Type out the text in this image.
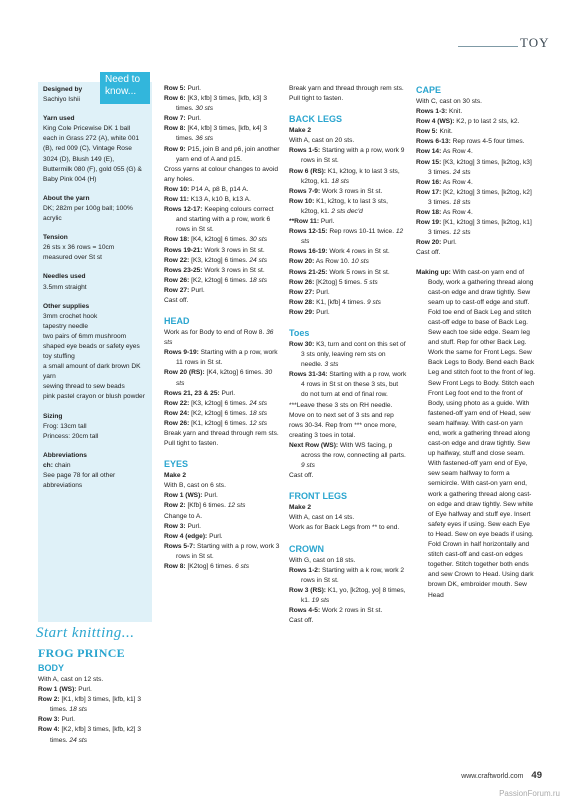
TOY
Need to know...
Designed by
Sachiyo Ishii
Yarn used
King Cole Pricewise DK 1 ball each in Grass 272 (A), white 001 (B), red 009 (C), Vintage Rose 3024 (D), Blush 149 (E), Buttermilk 080 (F), gold 055 (G) & Baby Pink 004 (H)
About the yarn
DK; 282m per 100g ball; 100% acrylic
Tension
26 sts x 36 rows = 10cm measured over St st
Needles used
3.5mm straight
Other supplies
3mm crochet hook
tapestry needle
two pairs of 6mm mushroom shaped eye beads or safety eyes
toy stuffing
a small amount of dark brown DK yarn
sewing thread to sew beads
pink pastel crayon or blush powder
Sizing
Frog: 13cm tall
Princess: 20cm tall
Abbreviations
ch: chain
See page 78 for all other abbreviations
Start knitting...
FROG PRINCE
BODY
With A, cast on 12 sts.
Row 1 (WS): Purl.
Row 2: [K1, kfb] 3 times, [kfb, k1] 3 times. 18 sts
Row 3: Purl.
Row 4: [K2, kfb] 3 times, [kfb, k2] 3 times. 24 sts
Row 5: Purl.
Row 6: [K3, kfb] 3 times, [kfb, k3] 3 times. 30 sts
Row 7: Purl.
Row 8: [K4, kfb] 3 times, [kfb, k4] 3 times. 36 sts
Row 9: P15, join B and p6, join another yarn end of A and p15.
Cross yarns at colour changes to avoid any holes.
Row 10: P14 A, p8 B, p14 A.
Row 11: K13 A, k10 B, k13 A.
Rows 12-17: Keeping colours correct and starting with a p row, work 6 rows in St st.
Row 18: [K4, k2tog] 6 times. 30 sts
Rows 19-21: Work 3 rows in St st.
Row 22: [K3, k2tog] 6 times. 24 sts
Rows 23-25: Work 3 rows in St st.
Row 26: [K2, k2tog] 6 times. 18 sts
Row 27: Purl.
Cast off.
HEAD
Work as for Body to end of Row 8. 36 sts
Rows 9-19: Starting with a p row, work 11 rows in St st.
Row 20 (RS): [K4, k2tog] 6 times. 30 sts
Rows 21, 23 & 25: Purl.
Row 22: [K3, k2tog] 6 times. 24 sts
Row 24: [K2, k2tog] 6 times. 18 sts
Row 26: [K1, k2tog] 6 times. 12 sts
Break yarn and thread through rem sts. Pull tight to fasten.
EYES
Make 2
With B, cast on 6 sts.
Row 1 (WS): Purl.
Row 2: [Kfb] 6 times. 12 sts
Change to A.
Row 3: Purl.
Row 4 (edge): Purl.
Rows 5-7: Starting with a p row, work 3 rows in St st.
Row 8: [K2tog] 6 times. 6 sts
Break yarn and thread through rem sts. Pull tight to fasten.
BACK LEGS
Make 2
With A, cast on 20 sts.
Rows 1-5: Starting with a p row, work 9 rows in St st.
Row 6 (RS): K1, k2tog, k to last 3 sts, k2tog, k1. 18 sts
Rows 7-9: Work 3 rows in St st.
Row 10: K1, k2tog, k to last 3 sts, k2tog, k1. 2 sts dec'd
**Row 11: Purl.
Rows 12-15: Rep rows 10-11 twice. 12 sts
Rows 16-19: Work 4 rows in St st.
Row 20: As Row 10. 10 sts
Rows 21-25: Work 5 rows in St st.
Row 26: [K2tog] 5 times. 5 sts
Row 27: Purl.
Row 28: K1, [kfb] 4 times. 9 sts
Row 29: Purl.
Toes
Row 30: K3, turn and cont on this set of 3 sts only, leaving rem sts on needle. 3 sts
Rows 31-34: Starting with a p row, work 4 rows in St st on these 3 sts, but do not turn at end of final row.
***Leave these 3 sts on RH needle. Move on to next set of 3 sts and rep rows 30-34. Rep from *** once more, creating 3 toes in total.
Next Row (WS): With WS facing, p across the row, connecting all parts. 9 sts
Cast off.
FRONT LEGS
Make 2
With A, cast on 14 sts.
Work as for Back Legs from ** to end.
CROWN
With G, cast on 18 sts.
Rows 1-2: Starting with a k row, work 2 rows in St st.
Row 3 (RS): K1, yo, [k2tog, yo] 8 times, k1. 19 sts
Rows 4-5: Work 2 rows in St st.
Cast off.
CAPE
With C, cast on 30 sts.
Rows 1-3: Knit.
Row 4 (WS): K2, p to last 2 sts, k2.
Row 5: Knit.
Rows 6-13: Rep rows 4-5 four times.
Row 14: As Row 4.
Row 15: [K3, k2tog] 3 times, [k2tog, k3] 3 times. 24 sts
Row 16: As Row 4.
Row 17: [K2, k2tog] 3 times, [k2tog, k2] 3 times. 18 sts
Row 18: As Row 4.
Row 19: [K1, k2tog] 3 times, [k2tog, k1] 3 times. 12 sts
Row 20: Purl.
Cast off.
Making up: With cast-on yarn end of Body, work a gathering thread along cast-on edge and draw tightly. Sew seam up to cast-off edge and stuff. Fold toe end of Back Leg and stitch cast-off edge to base of Back Leg. Sew each toe side edge. Seam leg and stuff. Rep for other Back Leg. Work the same for Front Legs. Sew Back Legs to Body. Bend each Back Leg and stitch foot to the front of leg. Sew Front Legs to Body. Stitch each Front Leg foot end to the front of Body, using photo as a guide. With fastened-off yarn end of Head, sew seam halfway. With cast-on yarn end, work a gathering thread along cast-on edge and draw tightly. Sew up halfway, stuff and close seam. With fastened-off yarn end of Eye, sew seam halfway to form a semicircle. With cast-on yarn end, work a gathering thread along cast-on edge and draw tightly. Sew white of Eye halfway and stuff eye. Insert safety eyes if using. Sew each Eye to Head. Sew on eye beads if using. Fold Crown in half horizontally and stitch cast-off and cast-on edges together. Stitch together both ends and sew Crown to Head. Using dark brown DK, embroider mouth. Sew Head
www.craftworld.com 49
PassionForum.ru
